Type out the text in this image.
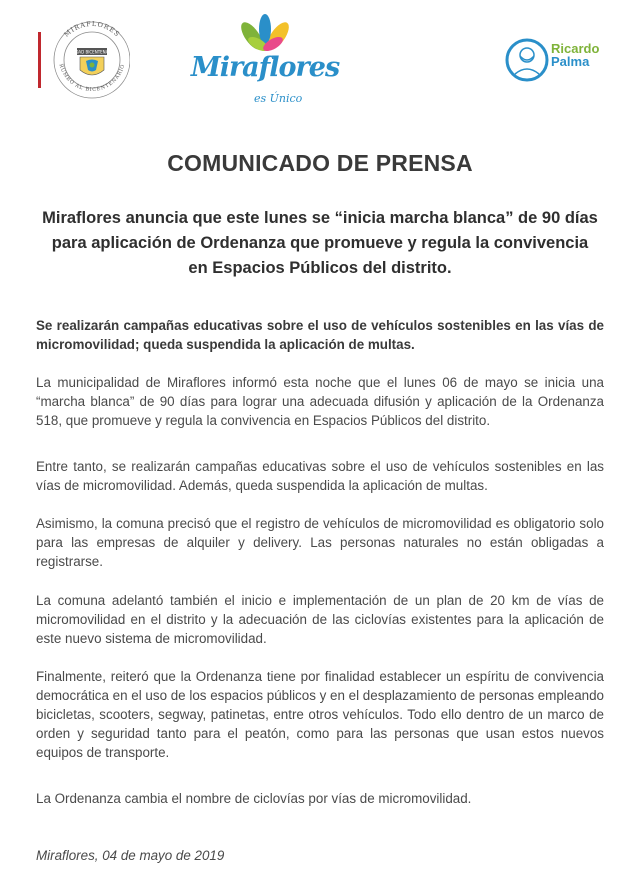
MIRAFLORES
RUMBO AL BICENTENARIO
CIUDAD BICENTENARIO	Miraflores
es Único
Ricardo
Palma
COMUNICADO DE PRENSA

Miraflores anuncia que este lunes se “inicia marcha blanca” de 90 días para aplicación de Ordenanza que promueve y regula la convivencia en Espacios Públicos del distrito.

Se realizarán campañas educativas sobre el uso de vehículos sostenibles en las vías de micromovilidad; queda suspendida la aplicación de multas.

La municipalidad de Miraflores informó esta noche que el lunes 06 de mayo se inicia una “marcha blanca” de 90 días para lograr una adecuada difusión y aplicación de la Ordenanza 518, que promueve y regula la convivencia en Espacios Públicos del distrito.

Entre tanto, se realizarán campañas educativas sobre el uso de vehículos sostenibles en las vías de micromovilidad. Además, queda suspendida la aplicación de multas.

Asimismo, la comuna precisó que el registro de vehículos de micromovilidad es obligatorio solo para las empresas de alquiler y delivery. Las personas naturales no están obligadas a registrarse.

La comuna adelantó también el inicio e implementación de un plan de 20 km de vías de micromovilidad en el distrito y la adecuación de las ciclovías existentes para la aplicación de este nuevo sistema de micromovilidad.

Finalmente, reiteró que la Ordenanza tiene por finalidad establecer un espíritu de convivencia democrática en el uso de los espacios públicos y en el desplazamiento de personas empleando bicicletas, scooters, segway, patinetas, entre otros vehículos. Todo ello dentro de un marco de orden y seguridad tanto para el peatón, como para las personas que usan estos nuevos equipos de transporte.

La Ordenanza cambia el nombre de ciclovías por vías de micromovilidad.

Miraflores, 04 de mayo de 2019
